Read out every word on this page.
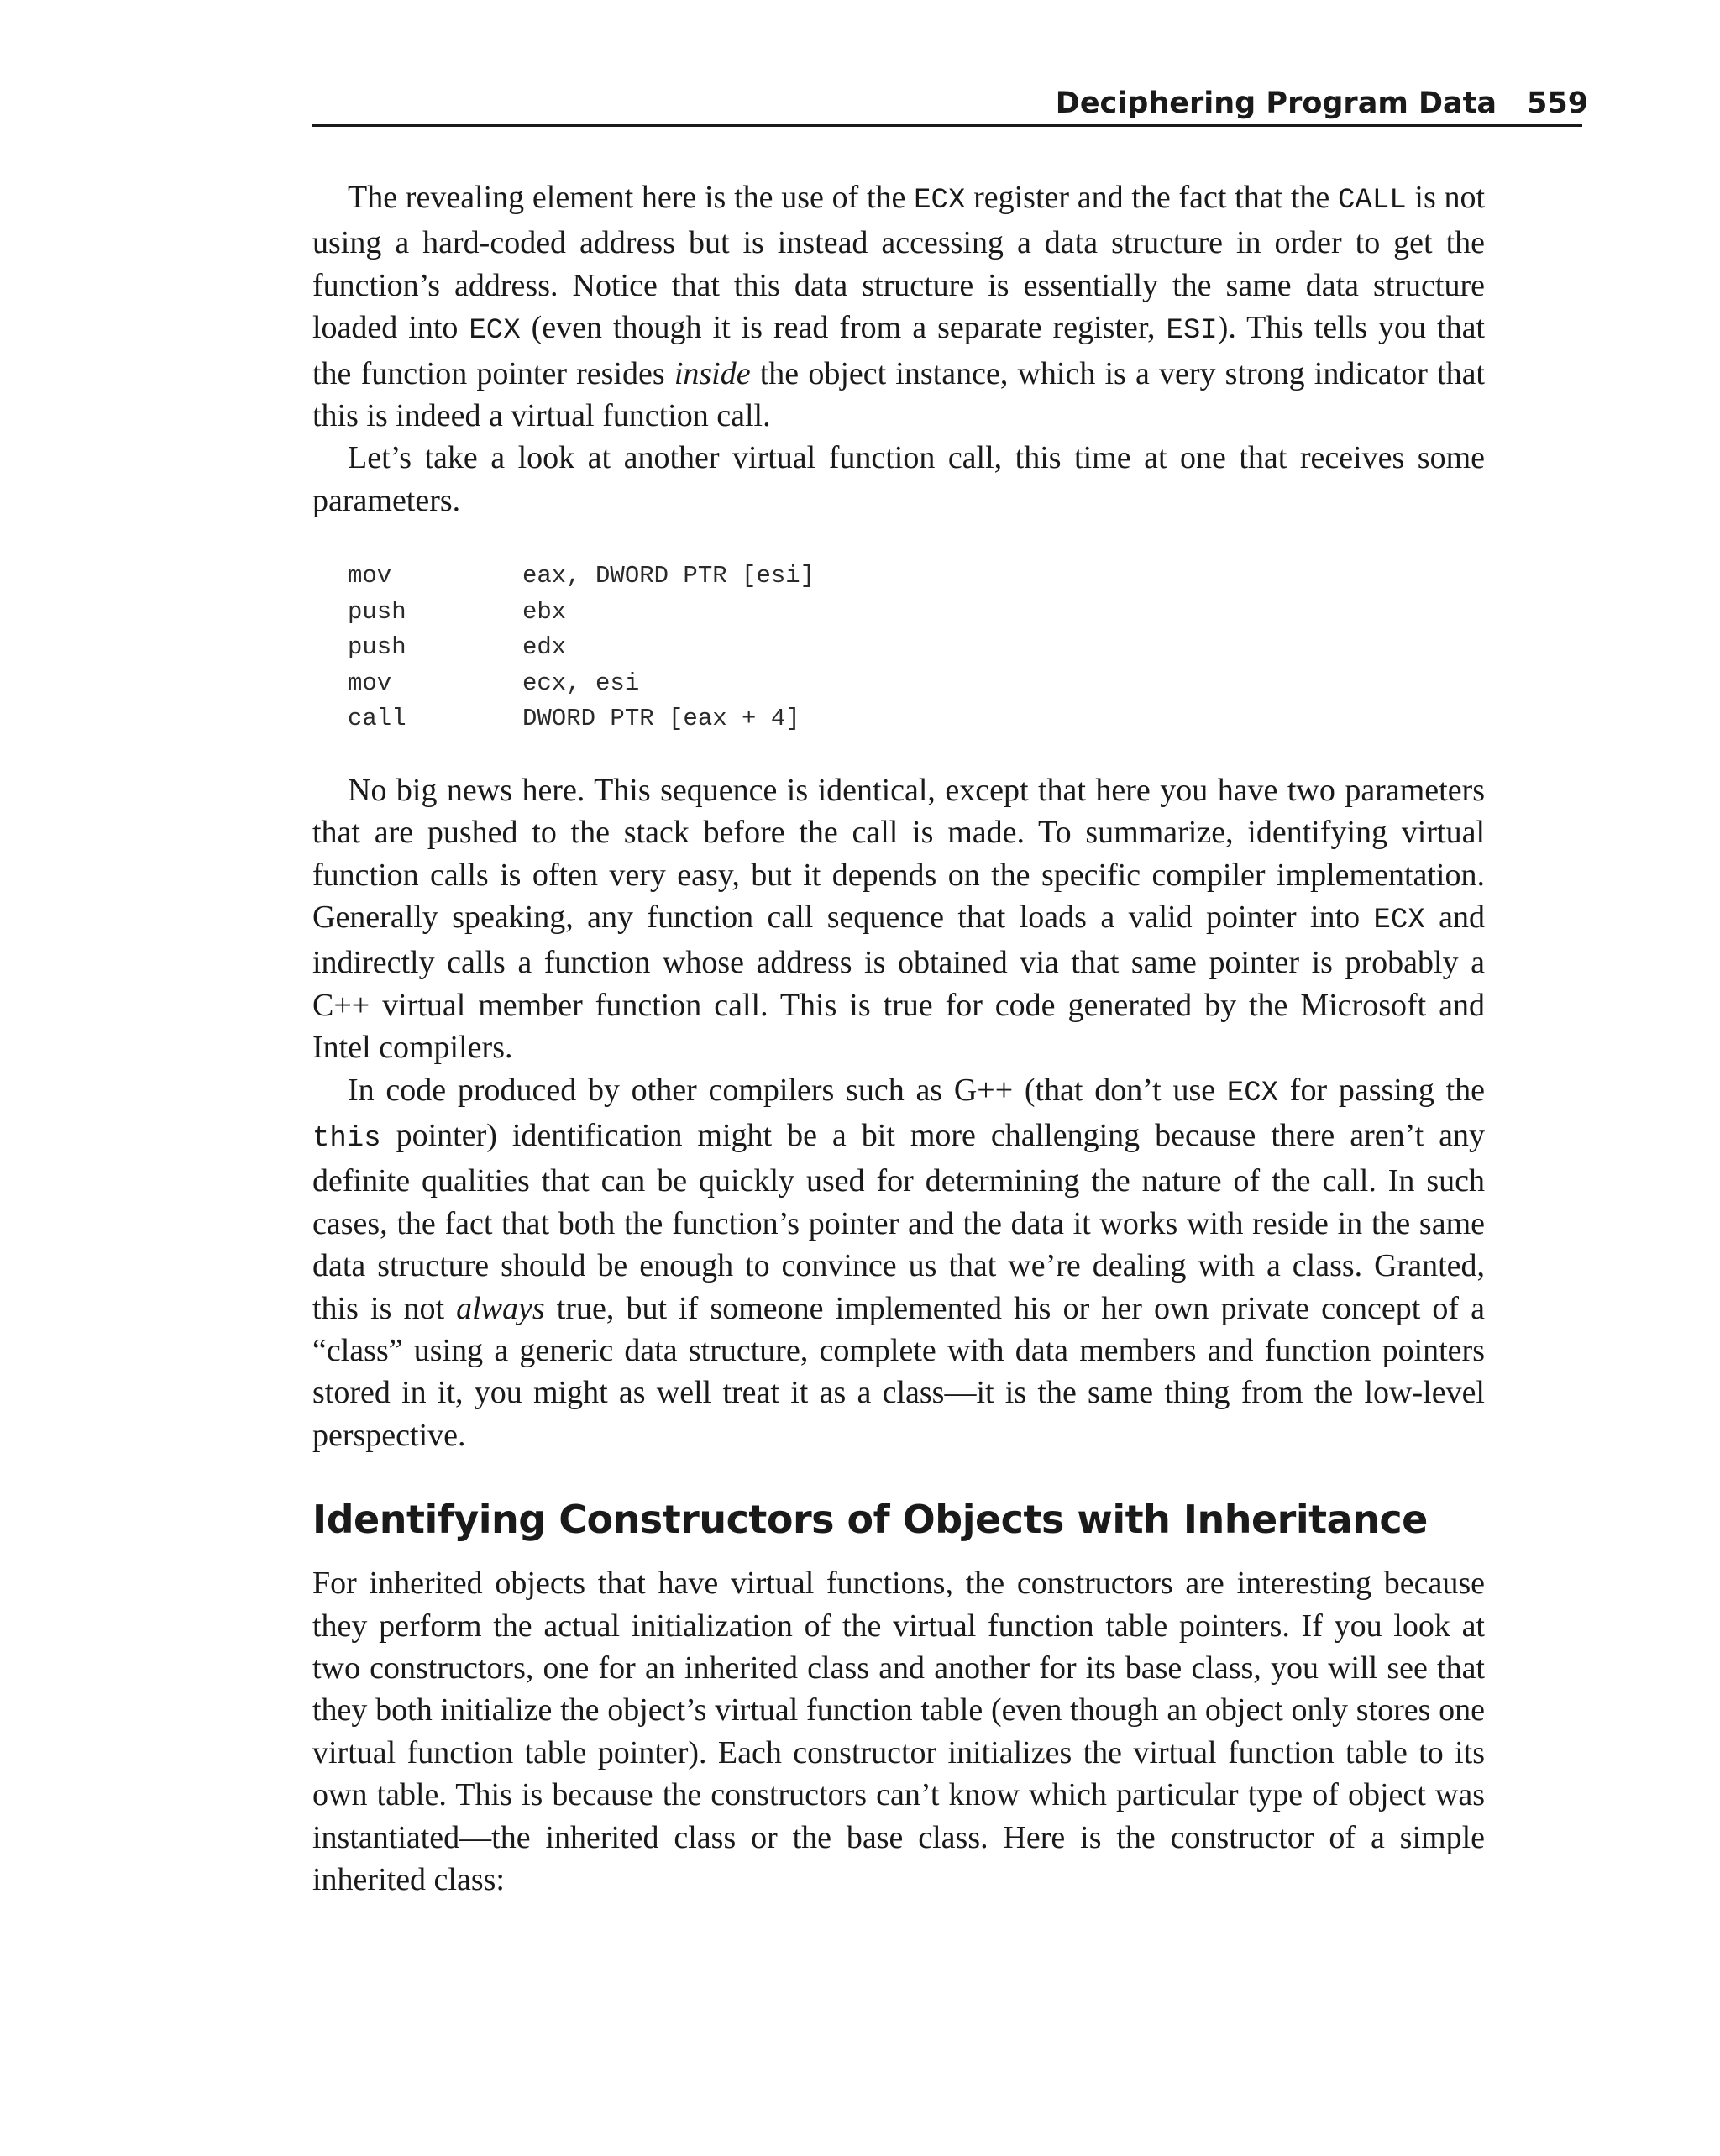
Deciphering Program Data 559

The revealing element here is the use of the ECX register and the fact that the CALL is not using a hard-coded address but is instead accessing a data structure in order to get the function’s address. Notice that this data structure is essentially the same data structure loaded into ECX (even though it is read from a separate register, ESI). This tells you that the function pointer resides inside the object instance, which is a very strong indicator that this is indeed a virtual function call.

Let’s take a look at another virtual function call, this time at one that receives some parameters.

mov	eax, DWORD PTR [esi]
push	ebx
push	edx
mov	ecx, esi
call	DWORD PTR [eax + 4]

No big news here. This sequence is identical, except that here you have two parameters that are pushed to the stack before the call is made. To summarize, identifying virtual function calls is often very easy, but it depends on the specific compiler implementation. Generally speaking, any function call sequence that loads a valid pointer into ECX and indirectly calls a function whose address is obtained via that same pointer is probably a C++ virtual member function call. This is true for code generated by the Microsoft and Intel compilers.

In code produced by other compilers such as G++ (that don’t use ECX for passing the this pointer) identification might be a bit more challenging because there aren’t any definite qualities that can be quickly used for determining the nature of the call. In such cases, the fact that both the function’s pointer and the data it works with reside in the same data structure should be enough to convince us that we’re dealing with a class. Granted, this is not always true, but if someone implemented his or her own private concept of a “class” using a generic data structure, complete with data members and function pointers stored in it, you might as well treat it as a class—it is the same thing from the low-level perspective.

Identifying Constructors of Objects with Inheritance

For inherited objects that have virtual functions, the constructors are interesting because they perform the actual initialization of the virtual function table pointers. If you look at two constructors, one for an inherited class and another for its base class, you will see that they both initialize the object’s virtual function table (even though an object only stores one virtual function table pointer). Each constructor initializes the virtual function table to its own table. This is because the constructors can’t know which particular type of object was instantiated—the inherited class or the base class. Here is the constructor of a simple inherited class:
